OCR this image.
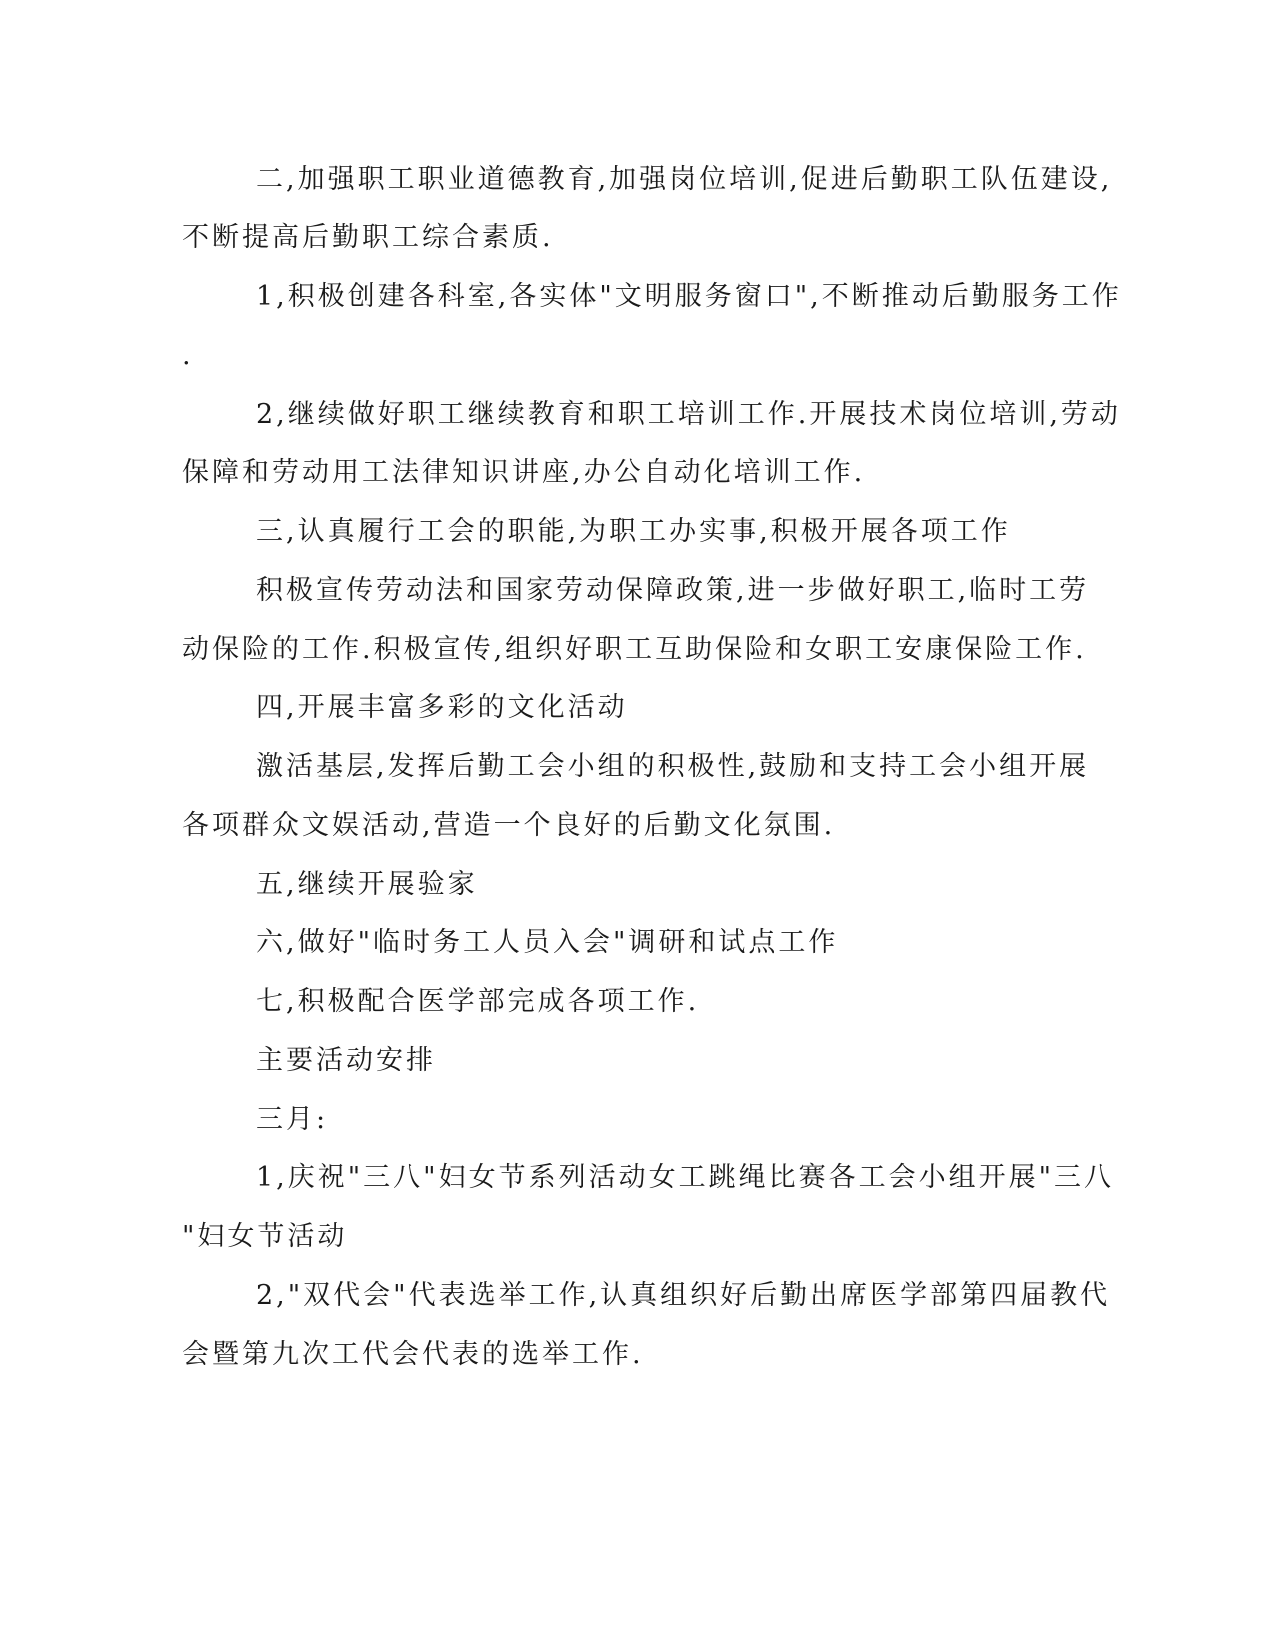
二,加强职工职业道德教育,加强岗位培训,促进后勤职工队伍建设,
不断提高后勤职工综合素质.
1,积极创建各科室,各实体"文明服务窗口",不断推动后勤服务工作
.
2,继续做好职工继续教育和职工培训工作.开展技术岗位培训,劳动
保障和劳动用工法律知识讲座,办公自动化培训工作.
三,认真履行工会的职能,为职工办实事,积极开展各项工作
积极宣传劳动法和国家劳动保障政策,进一步做好职工,临时工劳
动保险的工作.积极宣传,组织好职工互助保险和女职工安康保险工作.
四,开展丰富多彩的文化活动
激活基层,发挥后勤工会小组的积极性,鼓励和支持工会小组开展
各项群众文娱活动,营造一个良好的后勤文化氛围.
五,继续开展验家
六,做好"临时务工人员入会"调研和试点工作
七,积极配合医学部完成各项工作.
主要活动安排
三月:
1,庆祝"三八"妇女节系列活动女工跳绳比赛各工会小组开展"三八
"妇女节活动
2,"双代会"代表选举工作,认真组织好后勤出席医学部第四届教代
会暨第九次工代会代表的选举工作.
